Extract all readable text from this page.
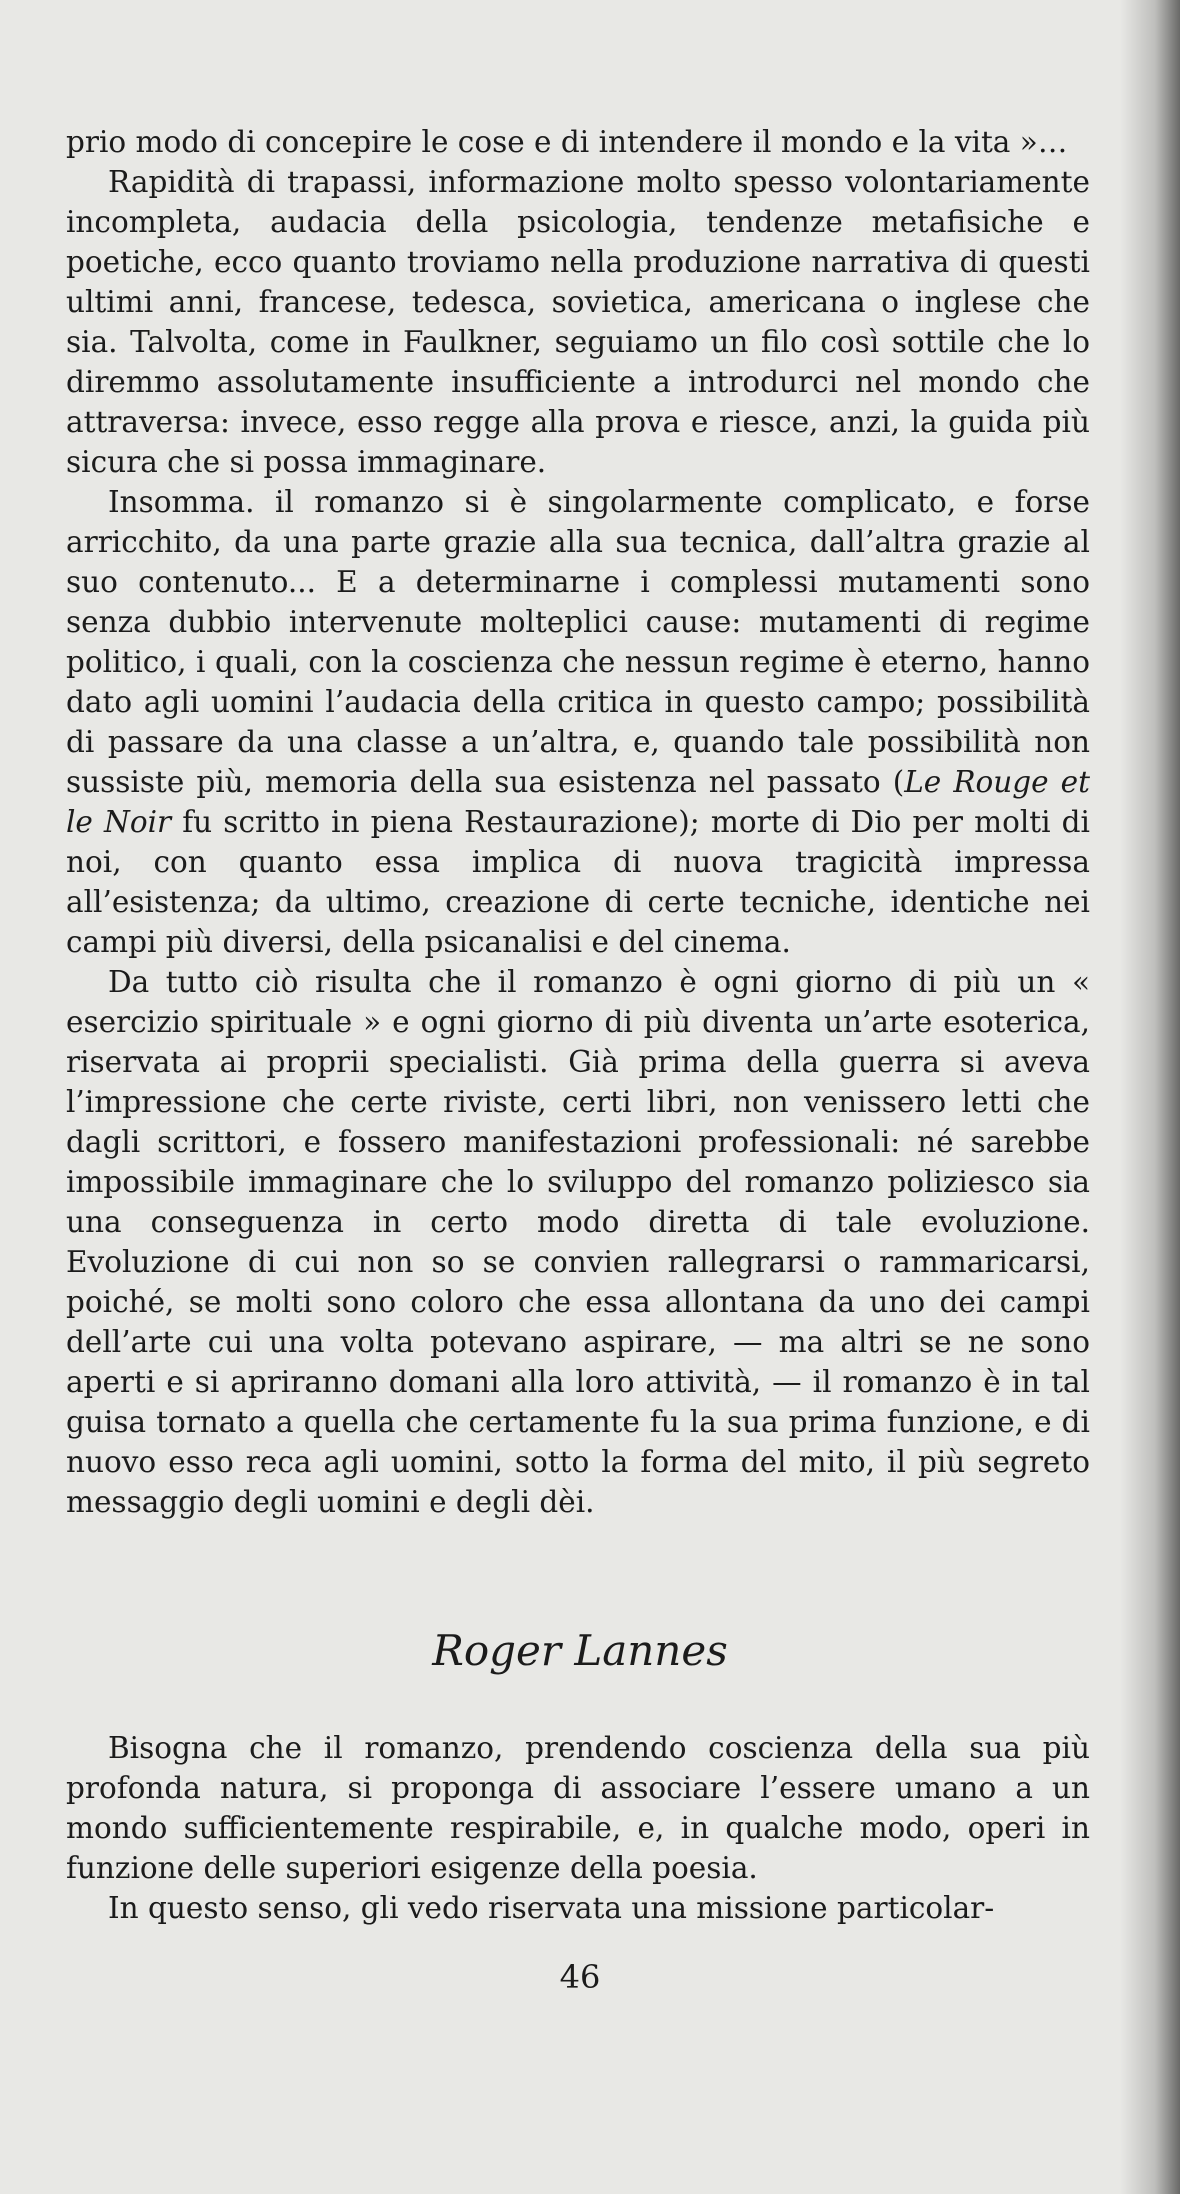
prio modo di concepire le cose e di intendere il mondo e la vita »…

Rapidità di trapassi, informazione molto spesso volontariamente incompleta, audacia della psicologia, tendenze metafisiche e poetiche, ecco quanto troviamo nella produzione narrativa di questi ultimi anni, francese, tedesca, sovietica, americana o inglese che sia. Talvolta, come in Faulkner, seguiamo un filo così sottile che lo diremmo assolutamente insufficiente a introdurci nel mondo che attraversa: invece, esso regge alla prova e riesce, anzi, la guida più sicura che si possa immaginare.

Insomma. il romanzo si è singolarmente complicato, e forse arricchito, da una parte grazie alla sua tecnica, dall’altra grazie al suo contenuto... E a determinarne i complessi mutamenti sono senza dubbio intervenute molteplici cause: mutamenti di regime politico, i quali, con la coscienza che nessun regime è eterno, hanno dato agli uomini l’audacia della critica in questo campo; possibilità di passare da una classe a un’altra, e, quando tale possibilità non sussiste più, memoria della sua esistenza nel passato (Le Rouge et le Noir fu scritto in piena Restaurazione); morte di Dio per molti di noi, con quanto essa implica di nuova tragicità impressa all’esistenza; da ultimo, creazione di certe tecniche, identiche nei campi più diversi, della psicanalisi e del cinema.

Da tutto ciò risulta che il romanzo è ogni giorno di più un « esercizio spirituale » e ogni giorno di più diventa un’arte esoterica, riservata ai proprii specialisti. Già prima della guerra si aveva l’impressione che certe riviste, certi libri, non venissero letti che dagli scrittori, e fossero manifestazioni professionali: né sarebbe impossibile immaginare che lo sviluppo del romanzo poliziesco sia una conseguenza in certo modo diretta di tale evoluzione. Evoluzione di cui non so se convien rallegrarsi o rammaricarsi, poiché, se molti sono coloro che essa allontana da uno dei campi dell’arte cui una volta potevano aspirare, — ma altri se ne sono aperti e si apriranno domani alla loro attività, — il romanzo è in tal guisa tornato a quella che certamente fu la sua prima funzione, e di nuovo esso reca agli uomini, sotto la forma del mito, il più segreto messaggio degli uomini e degli dèi.

Roger Lannes

Bisogna che il romanzo, prendendo coscienza della sua più profonda natura, si proponga di associare l’essere umano a un mondo sufficientemente respirabile, e, in qualche modo, operi in funzione delle superiori esigenze della poesia.

In questo senso, gli vedo riservata una missione particolar-

46
